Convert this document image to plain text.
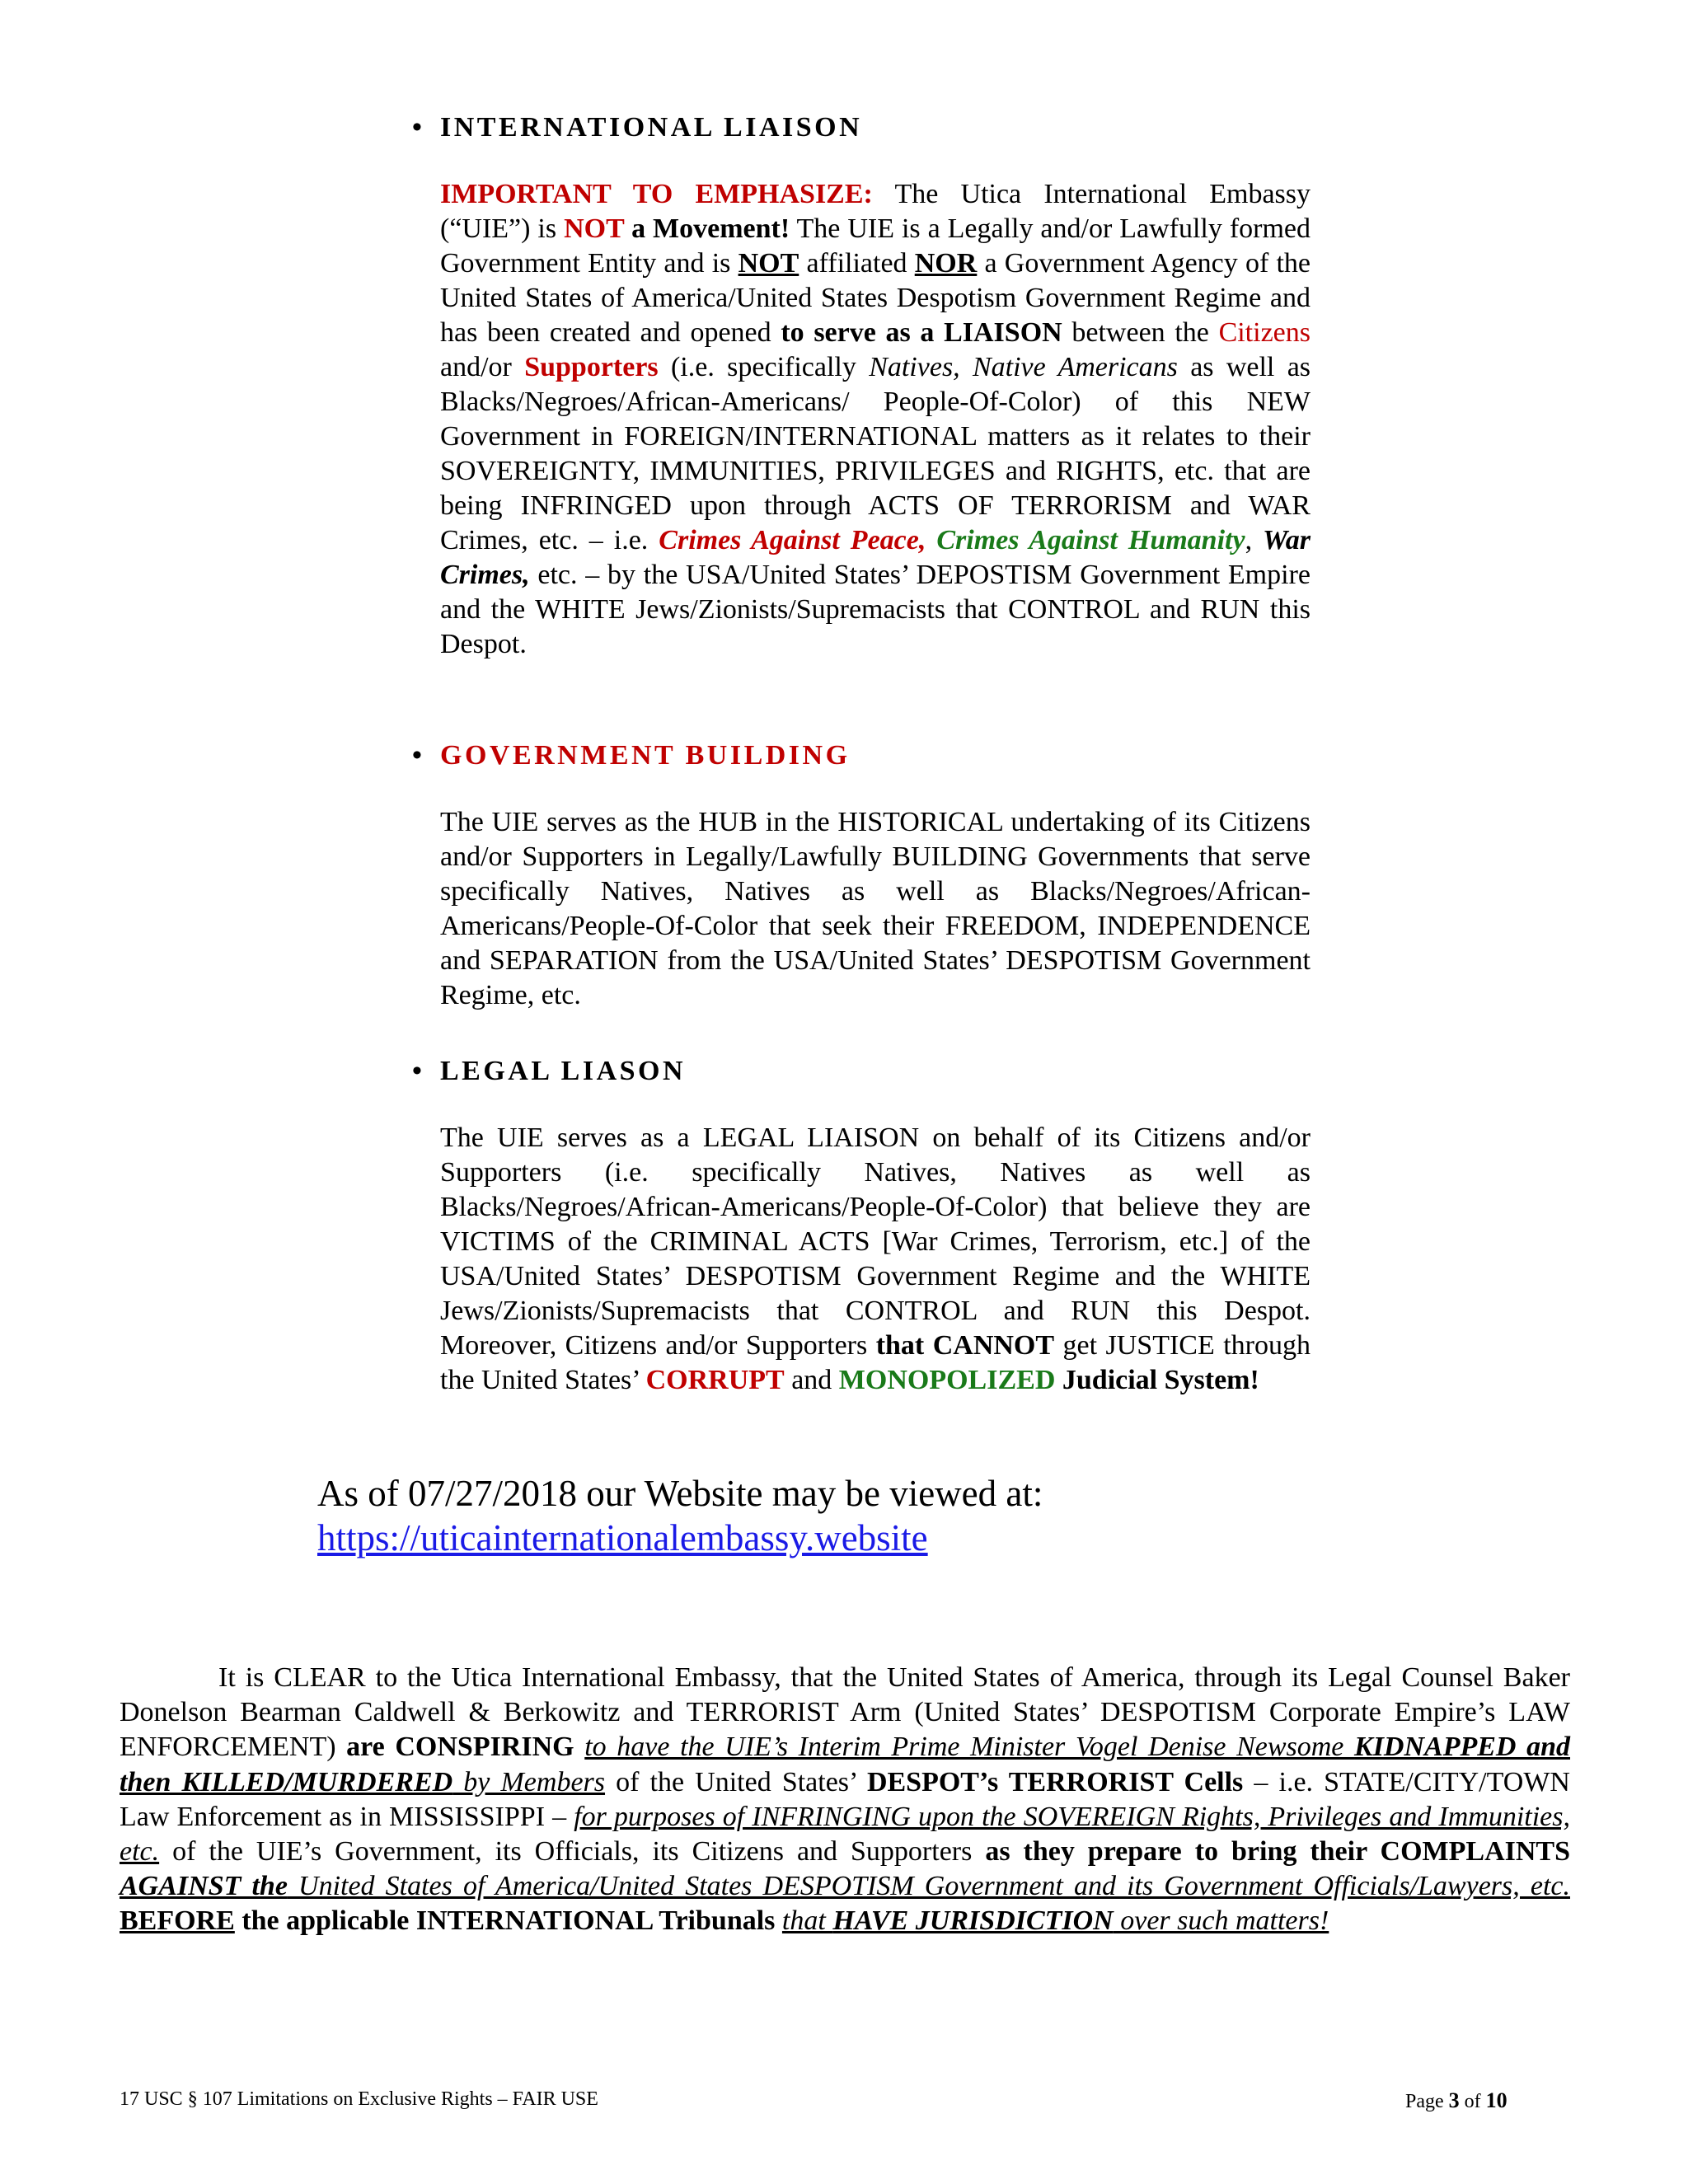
• INTERNATIONAL LIAISON
IMPORTANT TO EMPHASIZE: The Utica International Embassy (“UIE”) is NOT a Movement! The UIE is a Legally and/or Lawfully formed Government Entity and is NOT affiliated NOR a Government Agency of the United States of America/United States Despotism Government Regime and has been created and opened to serve as a LIAISON between the Citizens and/or Supporters (i.e. specifically Natives, Native Americans as well as Blacks/Negroes/African-Americans/ People-Of-Color) of this NEW Government in FOREIGN/INTERNATIONAL matters as it relates to their SOVEREIGNTY, IMMUNITIES, PRIVILEGES and RIGHTS, etc. that are being INFRINGED upon through ACTS OF TERRORISM and WAR Crimes, etc. – i.e. Crimes Against Peace, Crimes Against Humanity, War Crimes, etc. – by the USA/United States’ DEPOSTISM Government Empire and the WHITE Jews/Zionists/Supremacists that CONTROL and RUN this Despot.
• GOVERNMENT BUILDING
The UIE serves as the HUB in the HISTORICAL undertaking of its Citizens and/or Supporters in Legally/Lawfully BUILDING Governments that serve specifically Natives, Natives as well as Blacks/Negroes/African-Americans/People-Of-Color that seek their FREEDOM, INDEPENDENCE and SEPARATION from the USA/United States’ DESPOTISM Government Regime, etc.
• LEGAL LIASON
The UIE serves as a LEGAL LIAISON on behalf of its Citizens and/or Supporters (i.e. specifically Natives, Natives as well as Blacks/Negroes/African-Americans/People-Of-Color) that believe they are VICTIMS of the CRIMINAL ACTS [War Crimes, Terrorism, etc.] of the USA/United States’ DESPOTISM Government Regime and the WHITE Jews/Zionists/Supremacists that CONTROL and RUN this Despot. Moreover, Citizens and/or Supporters that CANNOT get JUSTICE through the United States’ CORRUPT and MONOPOLIZED Judicial System!
As of 07/27/2018 our Website may be viewed at:
https://uticainternationalembassy.website
It is CLEAR to the Utica International Embassy, that the United States of America, through its Legal Counsel Baker Donelson Bearman Caldwell & Berkowitz and TERRORIST Arm (United States’ DESPOTISM Corporate Empire’s LAW ENFORCEMENT) are CONSPIRING to have the UIE’s Interim Prime Minister Vogel Denise Newsome KIDNAPPED and then KILLED/MURDERED by Members of the United States’ DESPOT’s TERRORIST Cells – i.e. STATE/CITY/TOWN Law Enforcement as in MISSISSIPPI – for purposes of INFRINGING upon the SOVEREIGN Rights, Privileges and Immunities, etc. of the UIE’s Government, its Officials, its Citizens and Supporters as they prepare to bring their COMPLAINTS AGAINST the United States of America/United States DESPOTISM Government and its Government Officials/Lawyers, etc. BEFORE the applicable INTERNATIONAL Tribunals that HAVE JURISDICTION over such matters!
17 USC § 107 Limitations on Exclusive Rights – FAIR USE	Page 3 of 10
